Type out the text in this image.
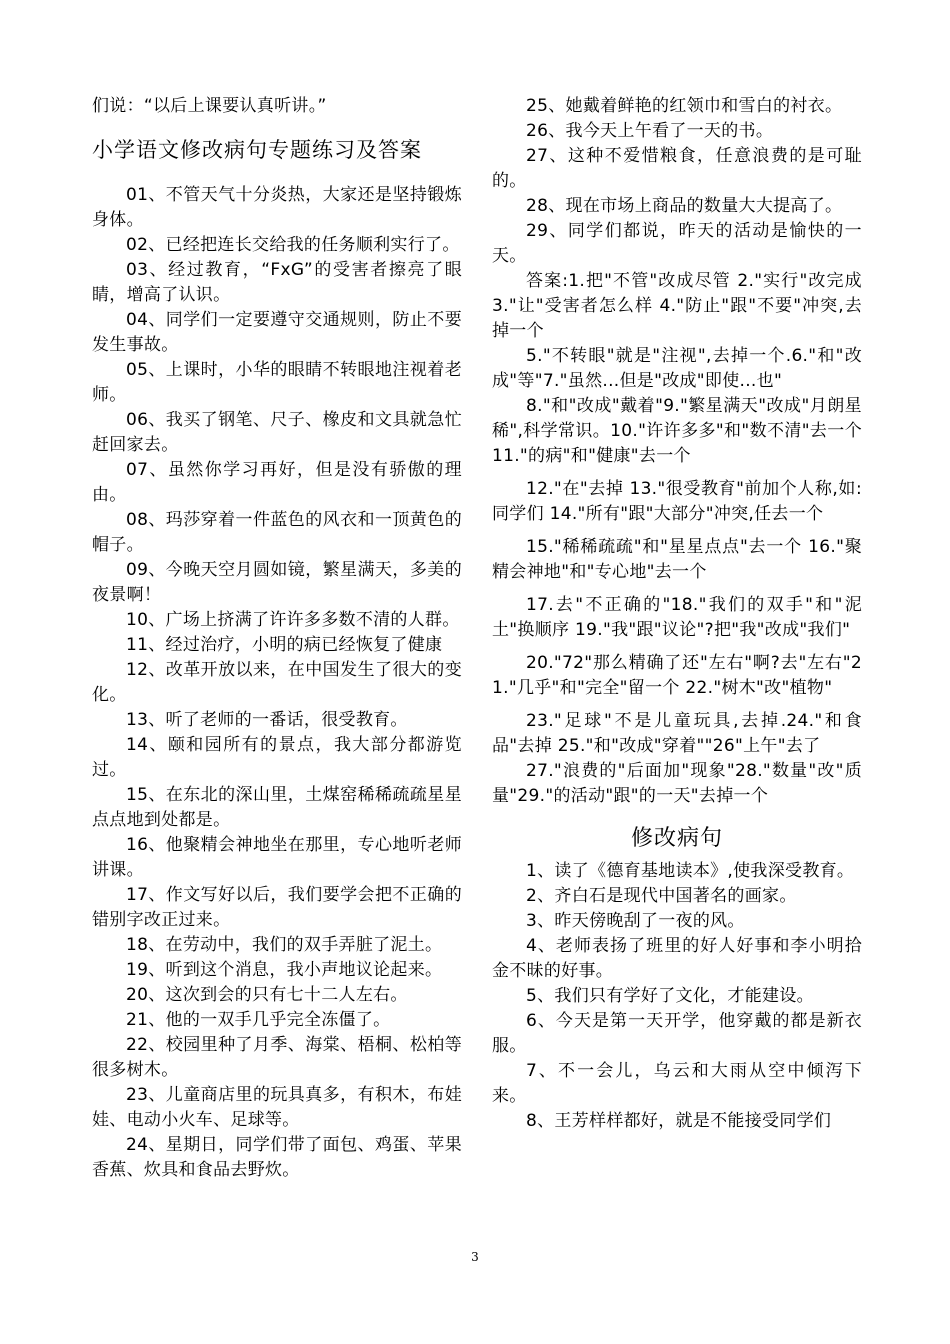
们说：“以后上课要认真听讲。”

小学语文修改病句专题练习及答案

01、不管天气十分炎热，大家还是坚持锻炼身体。

02、已经把连长交给我的任务顺利实行了。

03、经过教育，“FxG”的受害者擦亮了眼睛，增高了认识。

04、同学们一定要遵守交通规则，防止不要发生事故。

05、上课时，小华的眼睛不转眼地注视着老师。

06、我买了钢笔、尺子、橡皮和文具就急忙赶回家去。

07、虽然你学习再好，但是没有骄傲的理由。

08、玛莎穿着一件蓝色的风衣和一顶黄色的帽子。

09、今晚天空月圆如镜，繁星满天，多美的夜景啊！

10、广场上挤满了许许多多数不清的人群。

11、经过治疗，小明的病已经恢复了健康

12、改革开放以来，在中国发生了很大的变化。

13、听了老师的一番话，很受教育。

14、颐和园所有的景点，我大部分都游览过。

15、在东北的深山里，土煤窑稀稀疏疏星星点点地到处都是。

16、他聚精会神地坐在那里，专心地听老师讲课。

17、作文写好以后，我们要学会把不正确的错别字改正过来。

18、在劳动中，我们的双手弄脏了泥土。

19、听到这个消息，我小声地议论起来。

20、这次到会的只有七十二人左右。

21、他的一双手几乎完全冻僵了。

22、校园里种了月季、海棠、梧桐、松柏等很多树木。

23、儿童商店里的玩具真多，有积木，布娃娃、电动小火车、足球等。

24、星期日，同学们带了面包、鸡蛋、苹果香蕉、炊具和食品去野炊。

25、她戴着鲜艳的红领巾和雪白的衬衣。

26、我今天上午看了一天的书。

27、这种不爱惜粮食，任意浪费的是可耻的。

28、现在市场上商品的数量大大提高了。

29、同学们都说，昨天的活动是愉快的一天。

答案:1.把"不管"改成尽管 2."实行"改完成 3."让"受害者怎么样 4."防止"跟"不要"冲突,去掉一个

5."不转眼"就是"注视",去掉一个.6."和"改成"等"7."虽然...但是"改成"即使...也"

8."和"改成"戴着"9."繁星满天"改成"月朗星稀",科学常识。10."许许多多"和"数不清"去一个 11."的病"和"健康"去一个

12."在"去掉 13."很受教育"前加个人称,如:同学们 14."所有"跟"大部分"冲突,任去一个

15."稀稀疏疏"和"星星点点"去一个 16."聚精会神地"和"专心地"去一个

17.去"不正确的"18."我们的双手"和"泥土"换顺序 19."我"跟"议论"?把"我"改成"我们"

20."72"那么精确了还"左右"啊?去"左右"21."几乎"和"完全"留一个 22."树木"改"植物"

23."足球"不是儿童玩具,去掉.24."和食品"去掉 25."和"改成"穿着""26"上午"去了

27."浪费的"后面加"现象"28."数量"改"质量"29."的活动"跟"的一天"去掉一个

修改病句

1、读了《德育基地读本》,使我深受教育。

2、齐白石是现代中国著名的画家。

3、昨天傍晚刮了一夜的风。

4、老师表扬了班里的好人好事和李小明拾金不昧的好事。

5、我们只有学好了文化，才能建设。

6、今天是第一天开学，他穿戴的都是新衣服。

7、不一会儿，乌云和大雨从空中倾泻下来。

8、王芳样样都好，就是不能接受同学们

3
